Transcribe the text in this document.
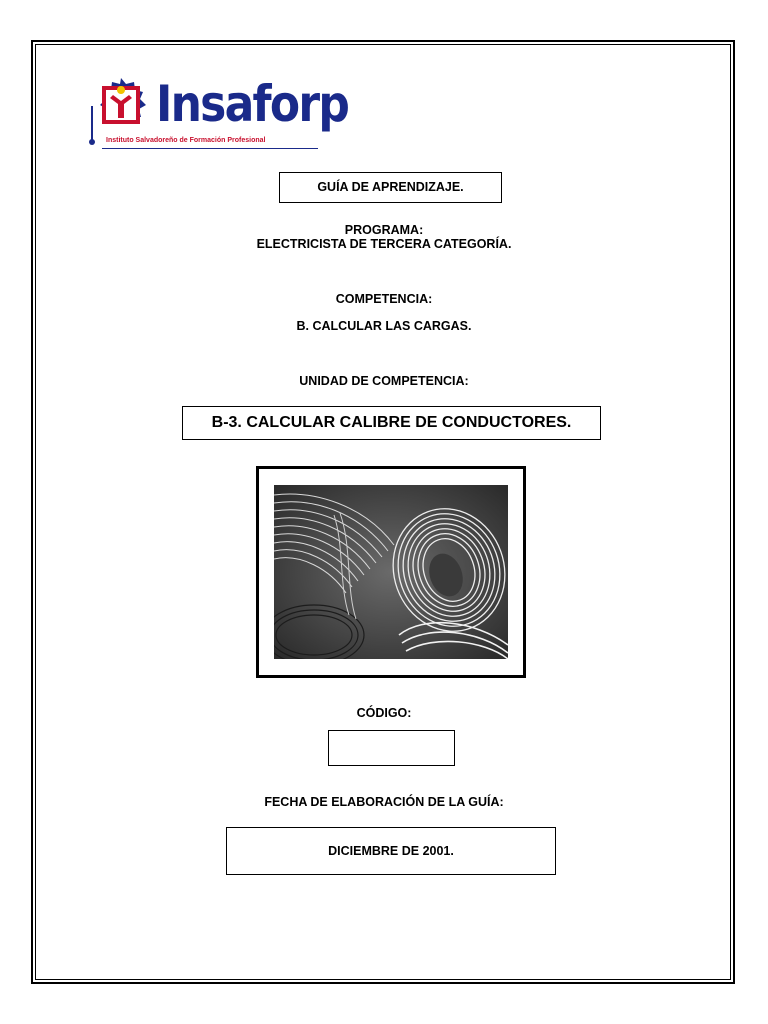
Insaforp
Instituto Salvadoreño de Formación Profesional
GUÍA DE APRENDIZAJE.
PROGRAMA:
ELECTRICISTA DE TERCERA CATEGORÍA.
COMPETENCIA:
B. CALCULAR LAS CARGAS.
UNIDAD DE COMPETENCIA:
B-3. CALCULAR CALIBRE DE CONDUCTORES.
CÓDIGO:
FECHA DE ELABORACIÓN DE LA GUÍA:
DICIEMBRE DE 2001.
